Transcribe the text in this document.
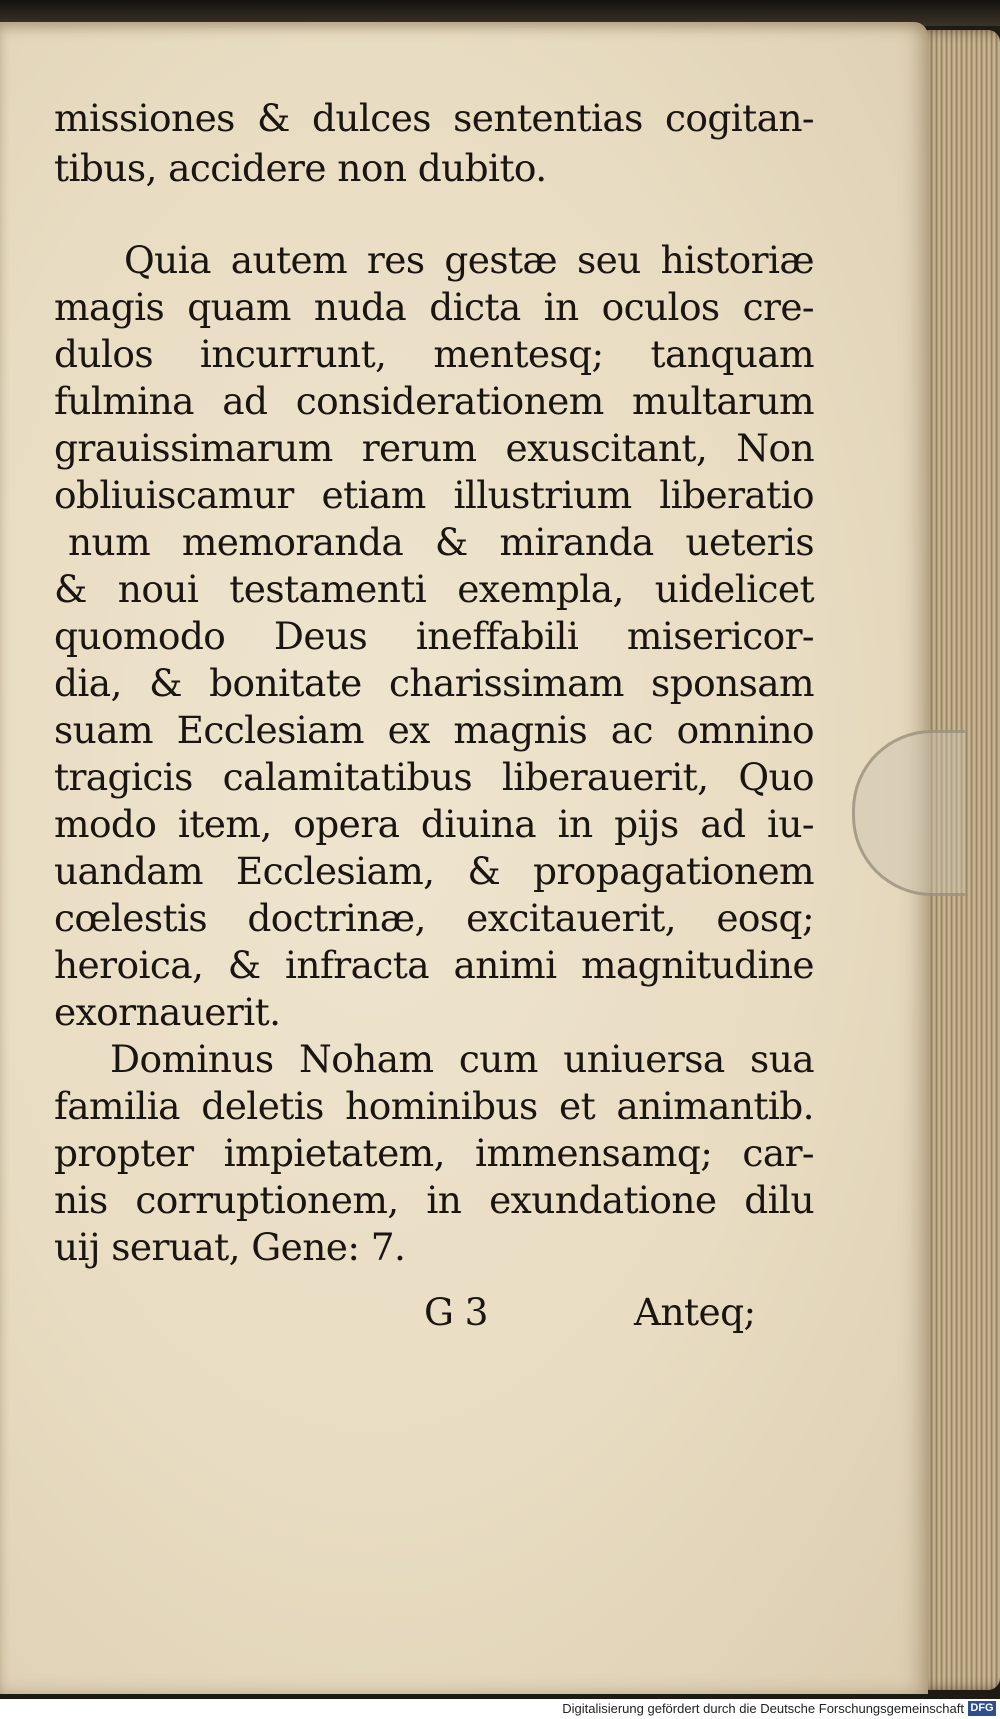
missiones & dulces sententias cogitan-
tibus, accidere non dubito.
Quia autem res gestæ seu historiæ
magis quam nuda dicta in oculos cre-
dulos incurrunt, mentesq; tanquam
fulmina ad considerationem multarum
grauissimarum rerum exuscitant, Non
obliuiscamur etiam illustrium liberatio
num memoranda & miranda ueteris
& noui testamenti exempla, uidelicet
quomodo Deus ineffabili misericor-
dia, & bonitate charissimam sponsam
suam Ecclesiam ex magnis ac omnino
tragicis calamitatibus liberauerit, Quo
modo item, opera diuina in pijs ad iu-
uandam Ecclesiam, & propagationem
cœlestis doctrinæ, excitauerit, eosq;
heroica, & infracta animi magnitudine
exornauerit.
Dominus Noham cum uniuersa sua
familia deletis hominibus et animantib.
propter impietatem, immensamq; car-
nis corruptionem, in exundatione dilu
uij seruat, Gene: 7.
G 3	Anteq;
Digitalisierung gefördert durch die Deutsche Forschungsgemeinschaft DFG
